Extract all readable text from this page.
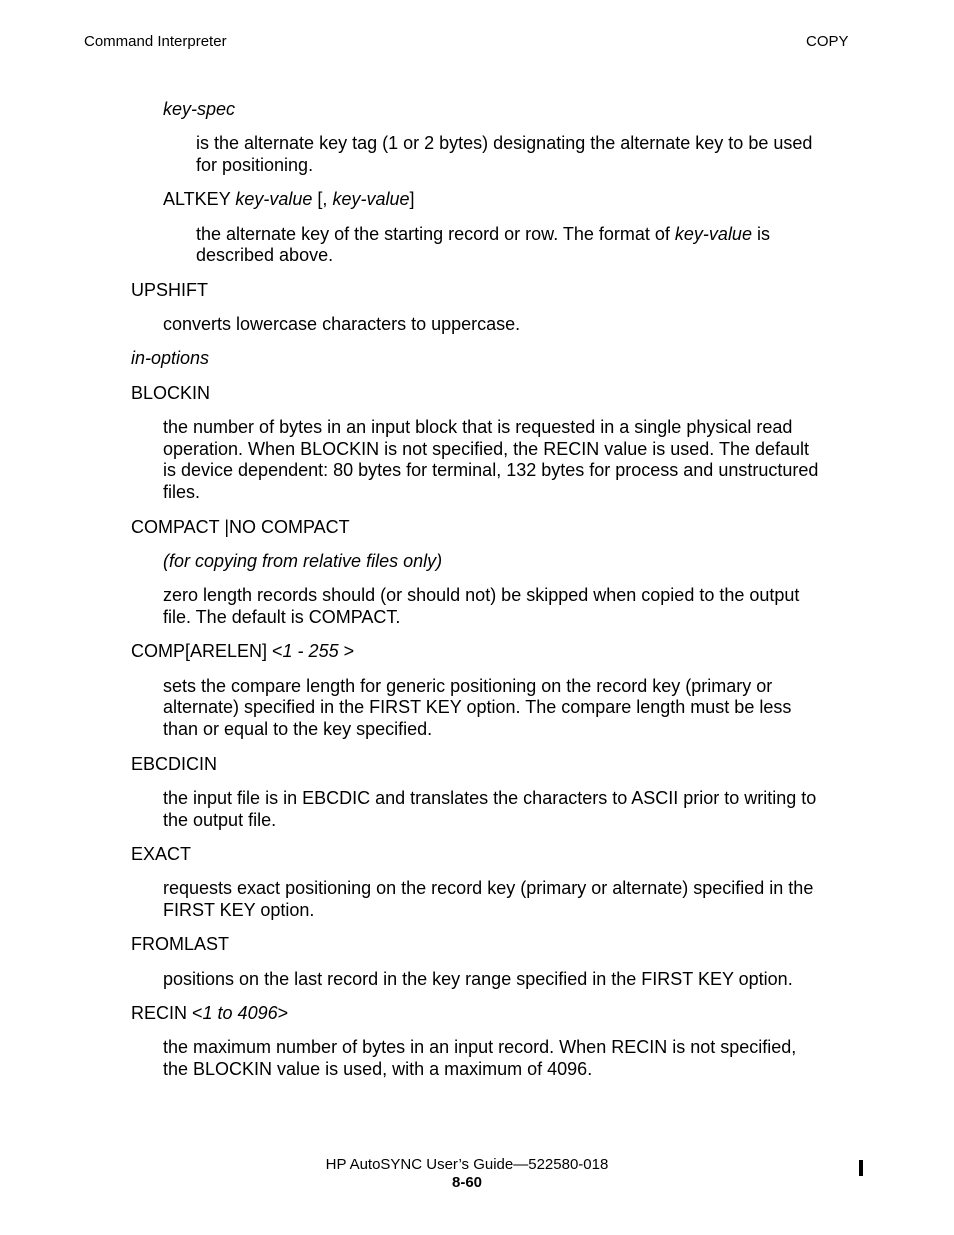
Command Interpreter	COPY
key-spec
is the alternate key tag (1 or 2 bytes) designating the alternate key to be used
for positioning.
ALTKEY key-value [, key-value]
the alternate key of the starting record or row. The format of key-value is
described above.
UPSHIFT
converts lowercase characters to uppercase.
in-options
BLOCKIN
the number of bytes in an input block that is requested in a single physical read
operation. When BLOCKIN is not specified, the RECIN value is used. The default
is device dependent: 80 bytes for terminal, 132 bytes for process and unstructured
files.
COMPACT |NO COMPACT
(for copying from relative files only)
zero length records should (or should not) be skipped when copied to the output
file. The default is COMPACT.
COMP[ARELEN] <1 - 255 >
sets the compare length for generic positioning on the record key (primary or
alternate) specified in the FIRST KEY option. The compare length must be less
than or equal to the key specified.
EBCDICIN
the input file is in EBCDIC and translates the characters to ASCII prior to writing to
the output file.
EXACT
requests exact positioning on the record key (primary or alternate) specified in the
FIRST KEY option.
FROMLAST
positions on the last record in the key range specified in the FIRST KEY option.
RECIN <1 to 4096>
the maximum number of bytes in an input record. When RECIN is not specified,
the BLOCKIN value is used, with a maximum of 4096.
HP AutoSYNC User’s Guide—522580-018
8-60
